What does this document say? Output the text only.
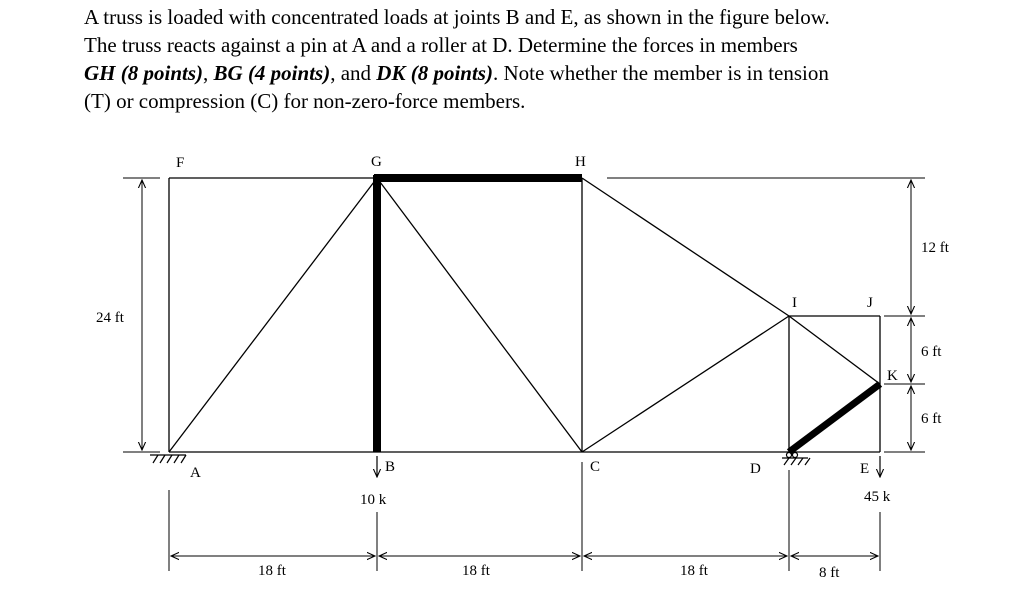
A truss is loaded with concentrated loads at joints B and E, as shown in the figure below.
The truss reacts against a pin at A and a roller at D. Determine the forces in members
GH (8 points), BG (4 points), and DK (8 points). Note whether the member is in tension
(T) or compression (C) for non-zero-force members.
10 k	45 k
F	G	H
I	J
K
A	B	C	D	E
24 ft
12 ft
6 ft
6 ft
18 ft	18 ft	18 ft	8 ft
